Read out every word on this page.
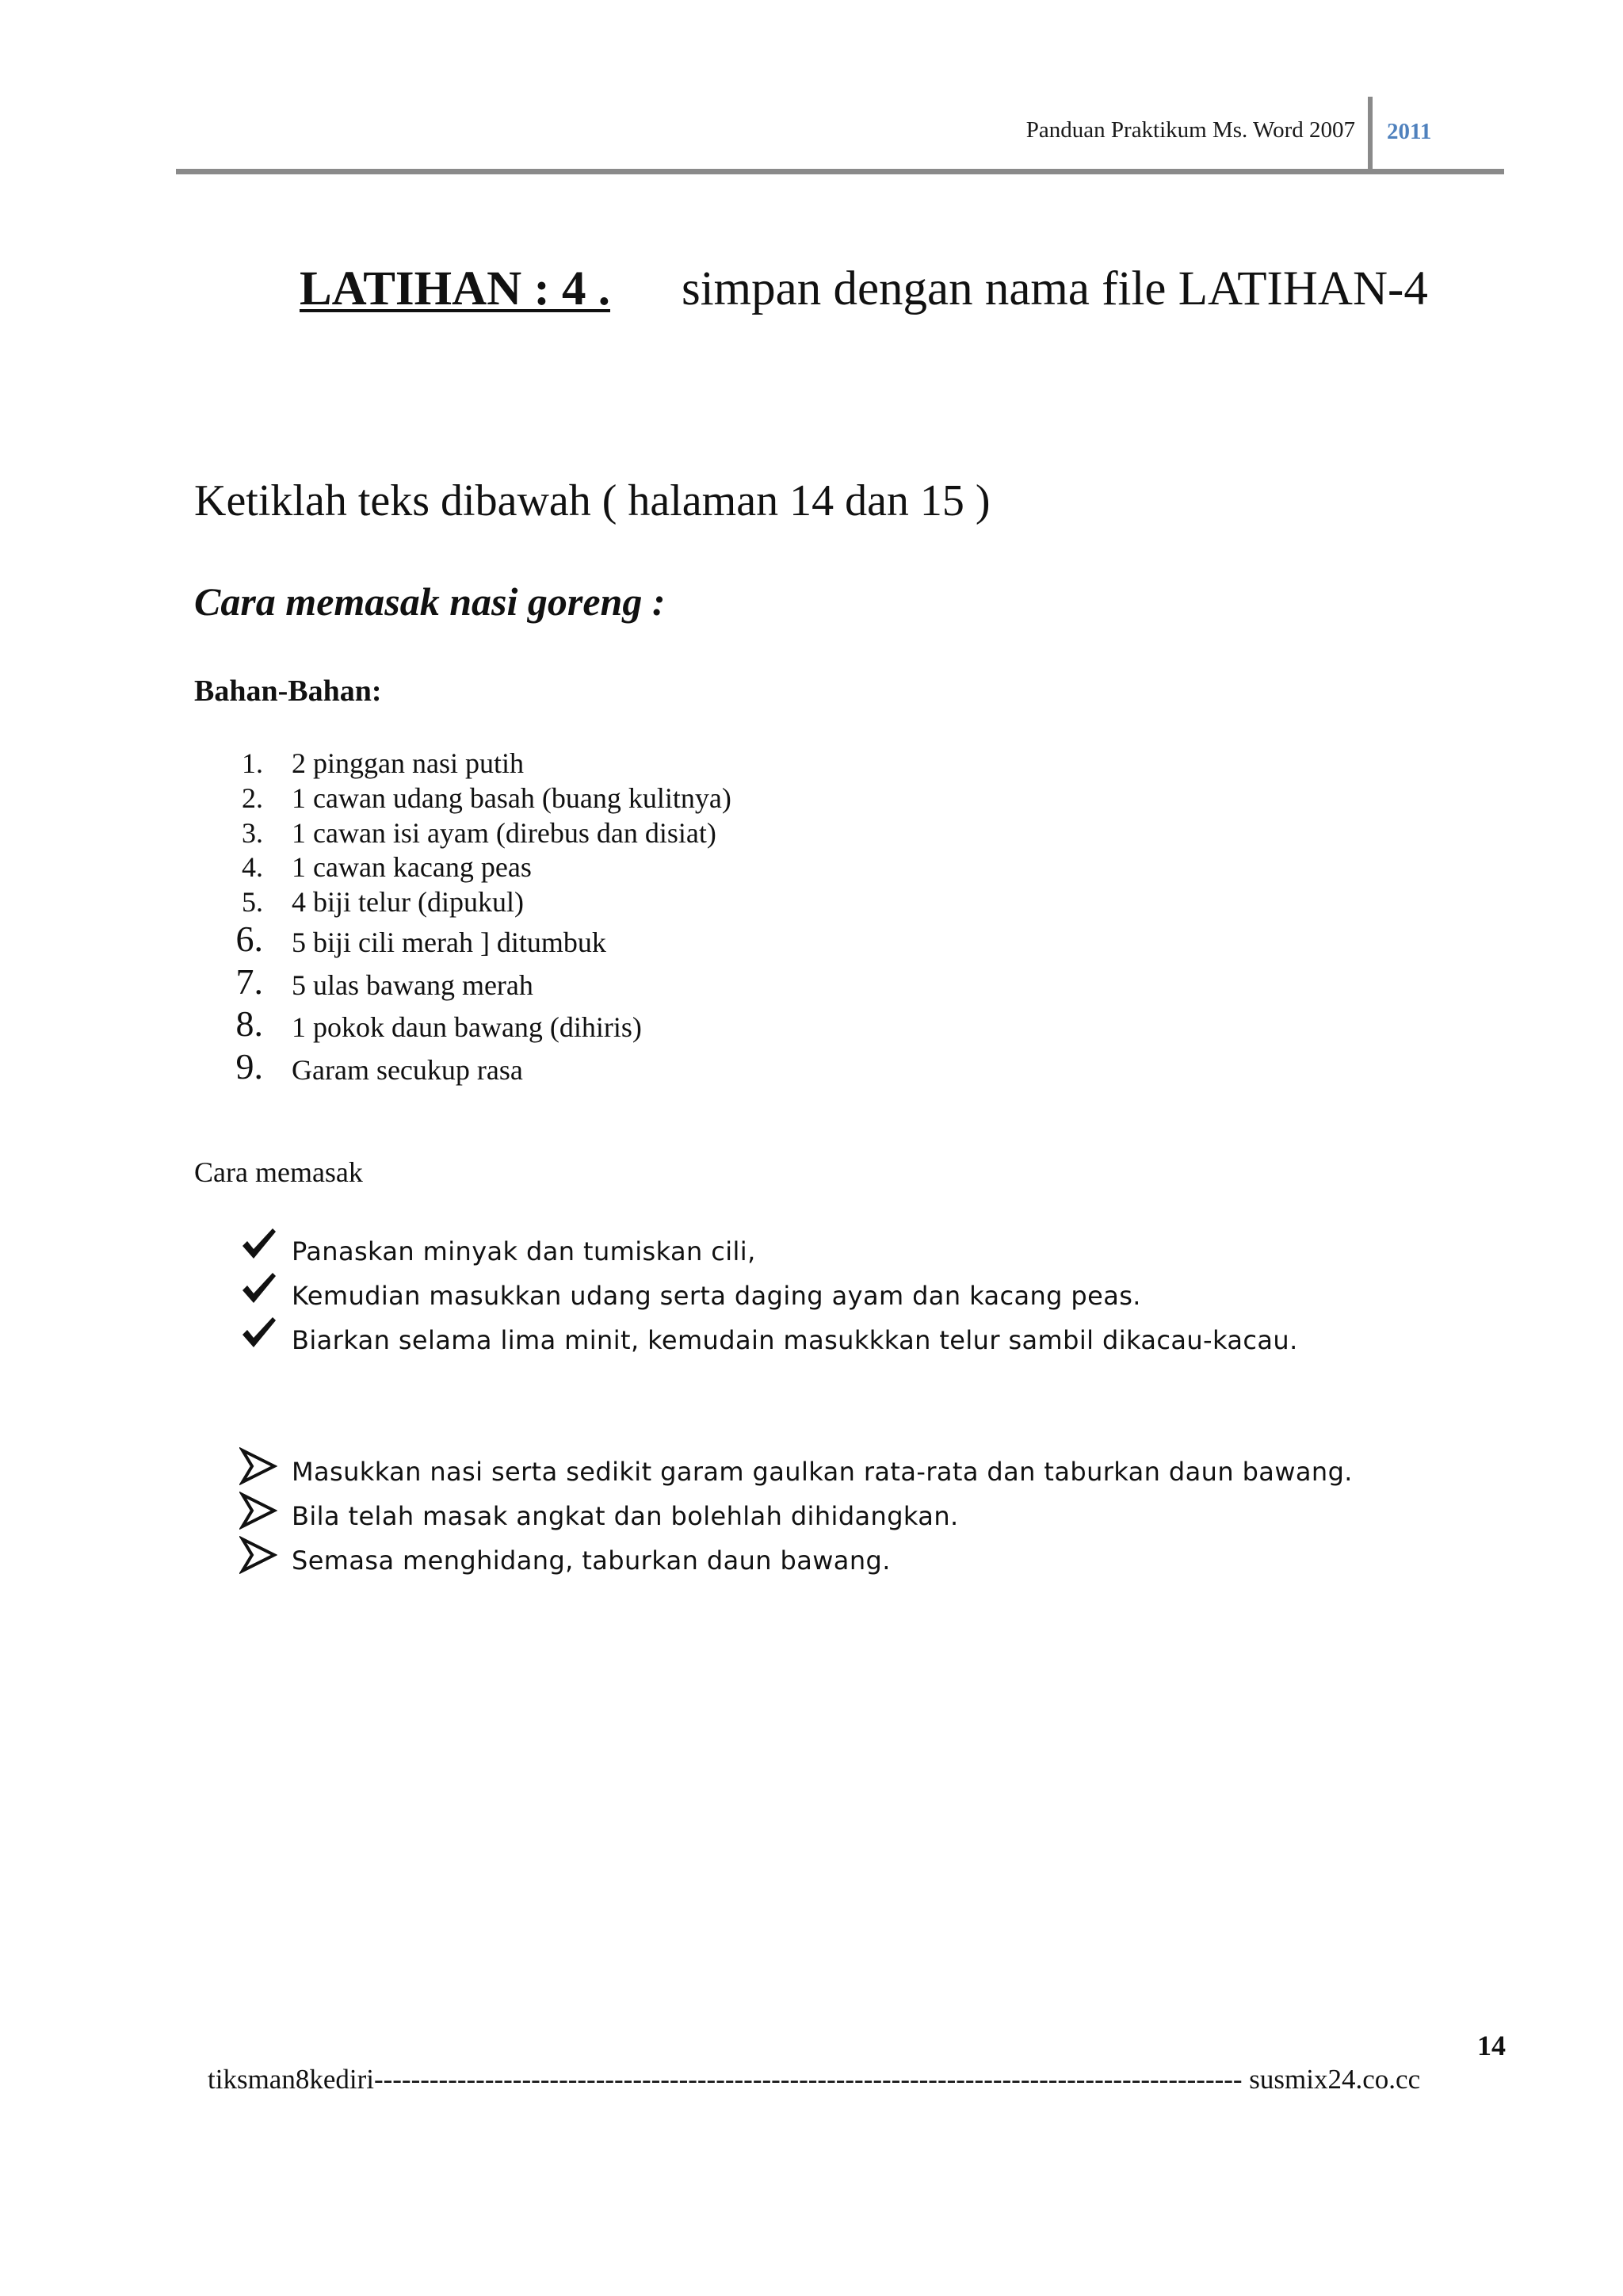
Panduan Praktikum Ms. Word 2007 2011
LATIHAN : 4 . simpan dengan nama file LATIHAN-4
Ketiklah teks dibawah ( halaman 14 dan 15 )
Cara memasak nasi goreng :
Bahan-Bahan:
1. 2 pinggan nasi putih
2. 1 cawan udang basah (buang kulitnya)
3. 1 cawan isi ayam (direbus dan disiat)
4. 1 cawan kacang peas
5. 4 biji telur (dipukul)
6. 5 biji cili merah ] ditumbuk
7. 5 ulas bawang merah
8. 1 pokok daun bawang (dihiris)
9. Garam secukup rasa
Cara memasak
Panaskan minyak dan tumiskan cili,
Kemudian masukkan udang serta daging ayam dan kacang peas.
Biarkan selama lima minit, kemudain masukkkan telur sambil dikacau-kacau.
Masukkan nasi serta sedikit garam gaulkan rata-rata dan taburkan daun bawang.
Bila telah masak angkat dan bolehlah dihidangkan.
Semasa menghidang, taburkan daun bawang.
14
tiksman8kediri---------------------------------------------------------------------------------------------- susmix24.co.cc
